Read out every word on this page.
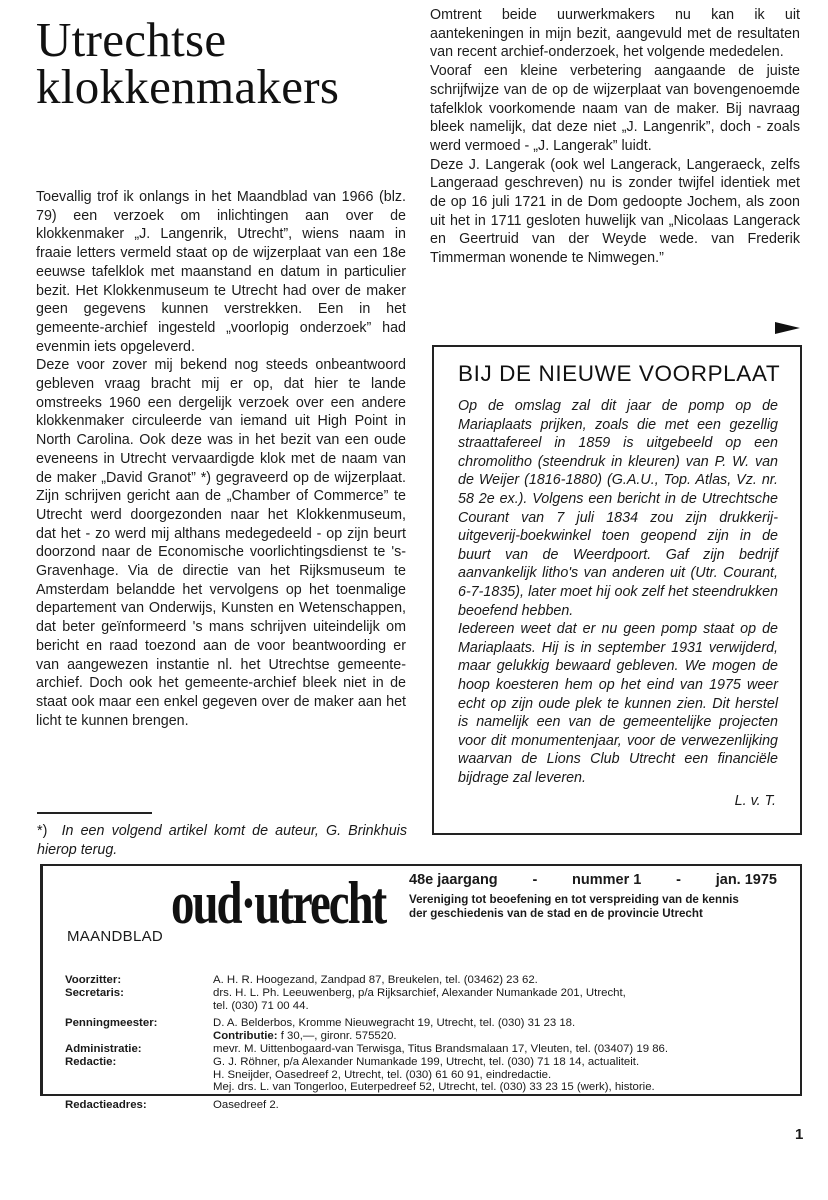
Utrechtse
klokkenmakers

Toevallig trof ik onlangs in het Maandblad van 1966 (blz. 79) een verzoek om inlichtingen aan over de klokkenmaker „J. Langenrik, Utrecht”, wiens naam in fraaie letters vermeld staat op de wijzerplaat van een 18e eeuwse tafelklok met maanstand en datum in particulier bezit. Het Klokkenmuseum te Utrecht had over de maker geen gegevens kunnen verstrekken. Een in het gemeente-archief ingesteld „voorlopig onderzoek” had evenmin iets opgeleverd.

Deze voor zover mij bekend nog steeds onbeantwoord gebleven vraag bracht mij er op, dat hier te lande omstreeks 1960 een dergelijk verzoek over een andere klokkenmaker circuleerde van iemand uit High Point in North Carolina. Ook deze was in het bezit van een oude eveneens in Utrecht vervaardigde klok met de naam van de maker „David Granot” *) gegraveerd op de wijzerplaat. Zijn schrijven gericht aan de „Chamber of Commerce” te Utrecht werd doorgezonden naar het Klokkenmuseum, dat het - zo werd mij althans medegedeeld - op zijn beurt doorzond naar de Economische voorlichtingsdienst te 's-Gravenhage. Via de directie van het Rijksmuseum te Amsterdam belandde het vervolgens op het toenmalige departement van Onderwijs, Kunsten en Wetenschappen, dat beter geïnformeerd 's mans schrijven uiteindelijk om bericht en raad toezond aan de voor beantwoording er van aangewezen instantie nl. het Utrechtse gemeente-archief. Doch ook het gemeente-archief bleek niet in de staat ook maar een enkel gegeven over de maker aan het licht te kunnen brengen.

*) In een volgend artikel komt de auteur, G. Brinkhuis hierop terug.

Omtrent beide uurwerkmakers nu kan ik uit aantekeningen in mijn bezit, aangevuld met de resultaten van recent archief-onderzoek, het volgende mededelen.

Vooraf een kleine verbetering aangaande de juiste schrijfwijze van de op de wijzerplaat van bovengenoemde tafelklok voorkomende naam van de maker. Bij navraag bleek namelijk, dat deze niet „J. Langenrik”, doch - zoals werd vermoed - „J. Langerak” luidt.

Deze J. Langerak (ook wel Langerack, Langeraeck, zelfs Langeraad geschreven) nu is zonder twijfel identiek met de op 16 juli 1721 in de Dom gedoopte Jochem, als zoon uit het in 1711 gesloten huwelijk van „Nicolaas Langerack en Geertruid van der Weyde wede. van Frederik Timmerman wonende te Nimwegen.”

BIJ DE NIEUWE VOORPLAAT

Op de omslag zal dit jaar de pomp op de Mariaplaats prijken, zoals die met een gezellig straattafereel in 1859 is uitgebeeld op een chromolitho (steendruk in kleuren) van P. W. van de Weijer (1816-1880) (G.A.U., Top. Atlas, Vz. nr. 58 2e ex.). Volgens een bericht in de Utrechtsche Courant van 7 juli 1834 zou zijn drukkerij-uitgeverij-boekwinkel toen geopend zijn in de buurt van de Weerdpoort. Gaf zijn bedrijf aanvankelijk litho's van anderen uit (Utr. Courant, 6-7-1835), later moet hij ook zelf het steendrukken beoefend hebben.

Iedereen weet dat er nu geen pomp staat op de Mariaplaats. Hij is in september 1931 verwijderd, maar gelukkig bewaard gebleven. We mogen de hoop koesteren hem op het eind van 1975 weer echt op zijn oude plek te kunnen zien. Dit herstel is namelijk een van de gemeentelijke projecten voor dit monumentenjaar, voor de verwezenlijking waarvan de Lions Club Utrecht een financiële bijdrage zal leveren.

L. v. T.
MAANDBLAD
oud·utrecht 48e jaargang - nummer 1 - jan. 1975
Vereniging tot beoefening en tot verspreiding van de kennis
der geschiedenis van de stad en de provincie Utrecht
Voorzitter:	A. H. R. Hoogezand, Zandpad 87, Breukelen, tel. (03462) 23 62.
Secretaris:	drs. H. L. Ph. Leeuwenberg, p/a Rijksarchief, Alexander Numankade 201, Utrecht,
tel. (030) 71 00 44.
Penningmeester:	D. A. Belderbos, Kromme Nieuwegracht 19, Utrecht, tel. (030) 31 23 18.
Contributie: f 30,—, gironr. 575520.
Administratie:	mevr. M. Uittenbogaard-van Terwisga, Titus Brandsmalaan 17, Vleuten, tel. (03407) 19 86.
Redactie:	G. J. Röhner, p/a Alexander Numankade 199, Utrecht, tel. (030) 71 18 14, actualiteit.
H. Sneijder, Oasedreef 2, Utrecht, tel. (030) 61 60 91, eindredactie.
Mej. drs. L. van Tongerloo, Euterpedreef 52, Utrecht, tel. (030) 33 23 15 (werk), historie.
Redactieadres:	Oasedreef 2.
1
